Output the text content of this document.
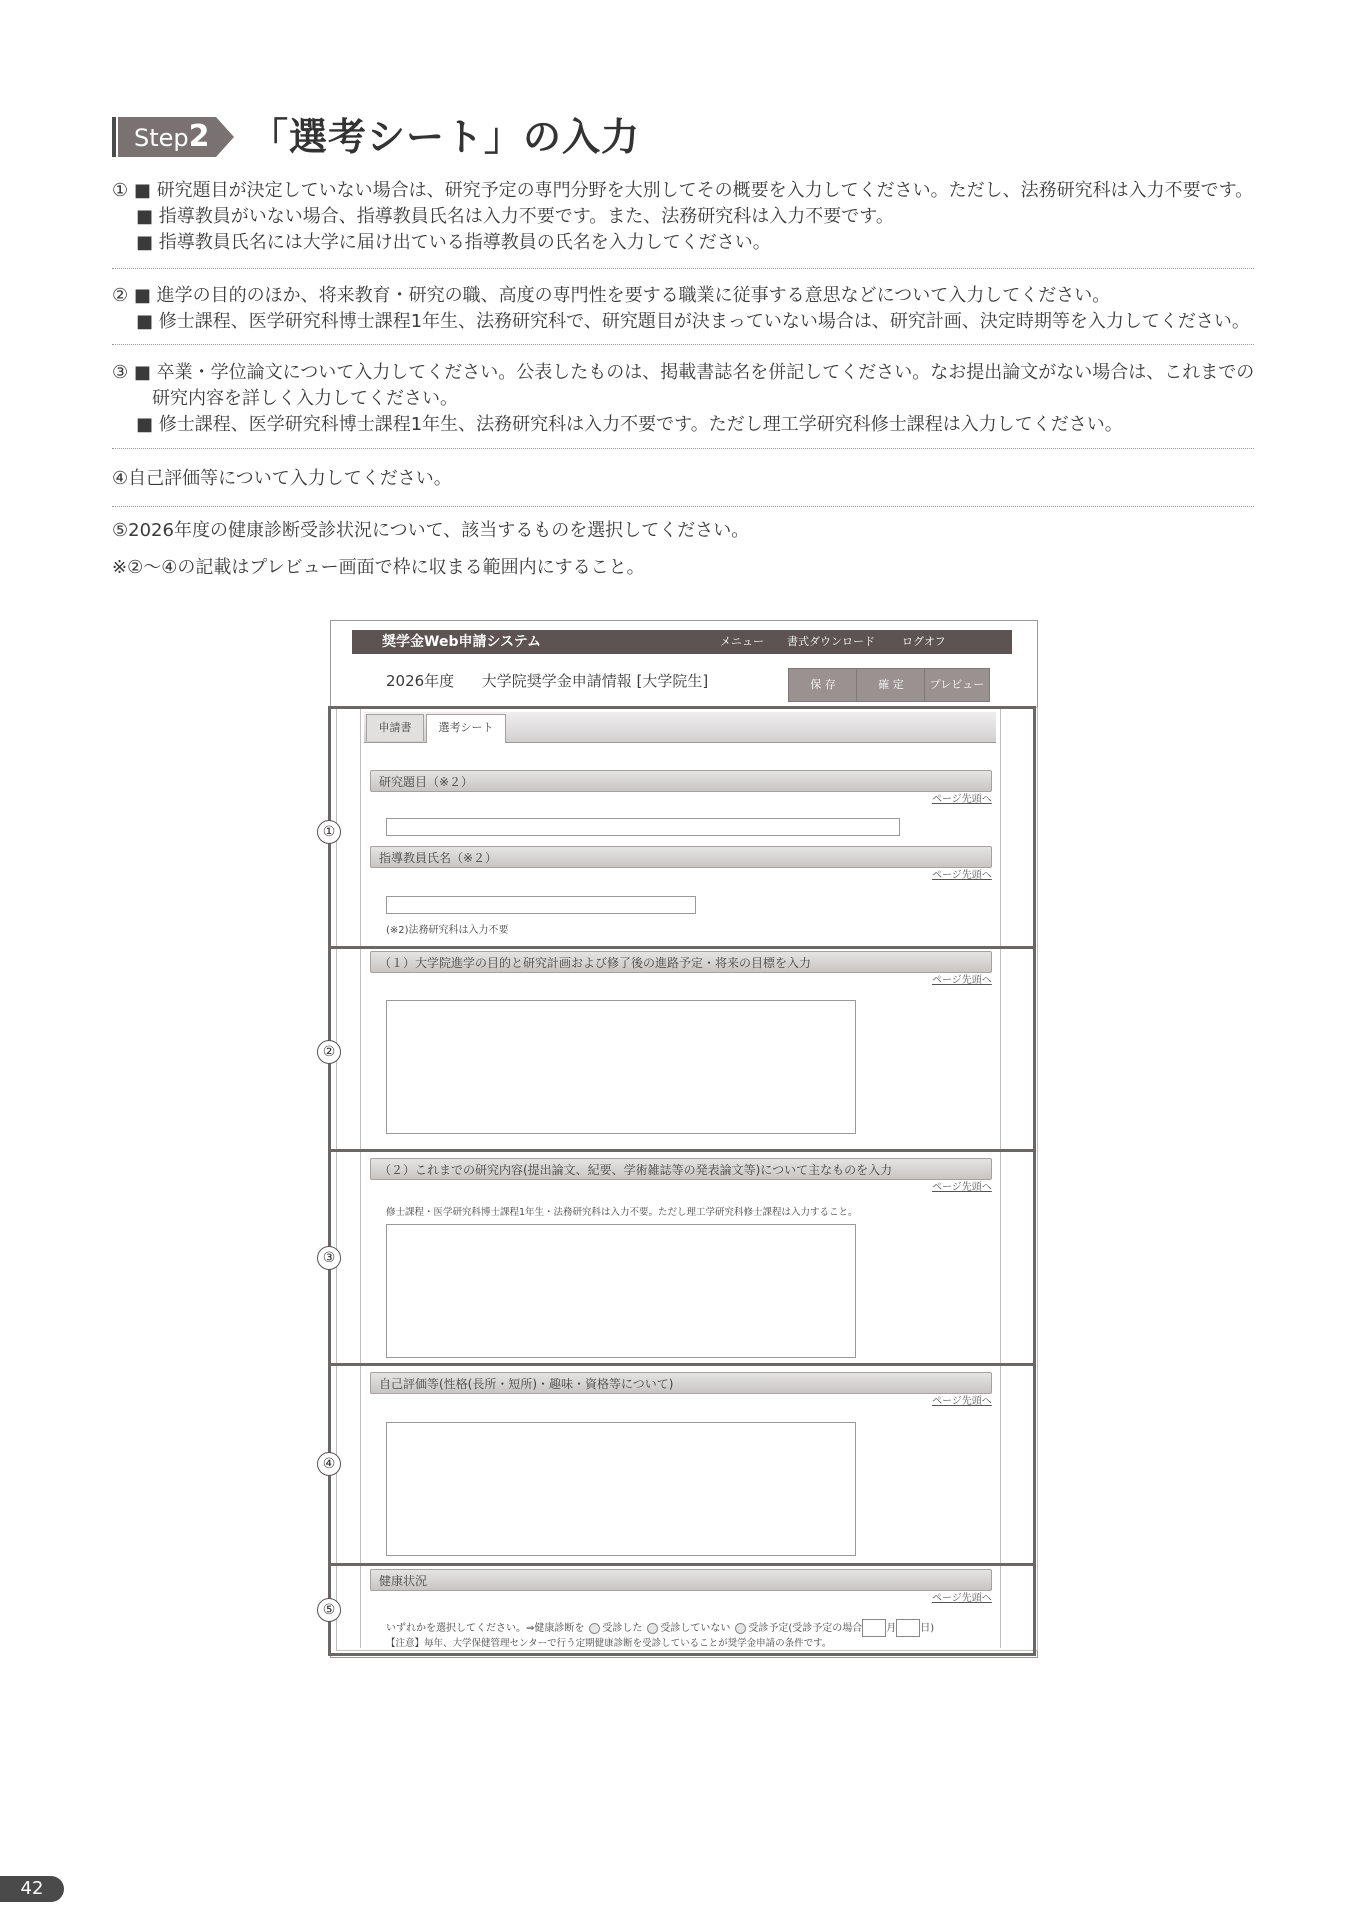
Step2 「選考シート」の入力
① ■ 研究題目が決定していない場合は、研究予定の専門分野を大別してその概要を入力してください。ただし、法務研究科は入力不要です。
■ 指導教員がいない場合、指導教員氏名は入力不要です。また、法務研究科は入力不要です。
■ 指導教員氏名には大学に届け出ている指導教員の氏名を入力してください。
② ■ 進学の目的のほか、将来教育・研究の職、高度の専門性を要する職業に従事する意思などについて入力してください。
■ 修士課程、医学研究科博士課程1年生、法務研究科で、研究題目が決まっていない場合は、研究計画、決定時期等を入力してください。
③ ■ 卒業・学位論文について入力してください。公表したものは、掲載書誌名を併記してください。なお提出論文がない場合は、これまでの
研究内容を詳しく入力してください。
■ 修士課程、医学研究科博士課程1年生、法務研究科は入力不要です。ただし理工学研究科修士課程は入力してください。
④自己評価等について入力してください。
⑤2026年度の健康診断受診状況について、該当するものを選択してください。
※②～④の記載はプレビュー画面で枠に収まる範囲内にすること。
奨学金Web申請システム	メニュー 書式ダウンロード ログオフ
2026年度 大学院奨学金申請情報 [大学院生]	保 存	確 定	プレビュー
申請書	選考シート
研究題目（※２）
ページ先頭へ
指導教員氏名（※２）
ページ先頭へ
(※2)法務研究科は入力不要
（１）大学院進学の目的と研究計画および修了後の進路予定・将来の目標を入力
ページ先頭へ
（２）これまでの研究内容(提出論文、紀要、学術雑誌等の発表論文等)について主なものを入力
ページ先頭へ
修士課程・医学研究科博士課程1年生・法務研究科は入力不要。ただし理工学研究科修士課程は入力すること。
自己評価等(性格(長所・短所)・趣味・資格等について)
ページ先頭へ
健康状況
ページ先頭へ
いずれかを選択してください。⇒健康診断を 受診した 受診していない 受診予定(受診予定の場合 月 日)
【注意】毎年、大学保健管理センターで行う定期健康診断を受診していることが奨学金申請の条件です。
①
②
③
④
⑤
42
